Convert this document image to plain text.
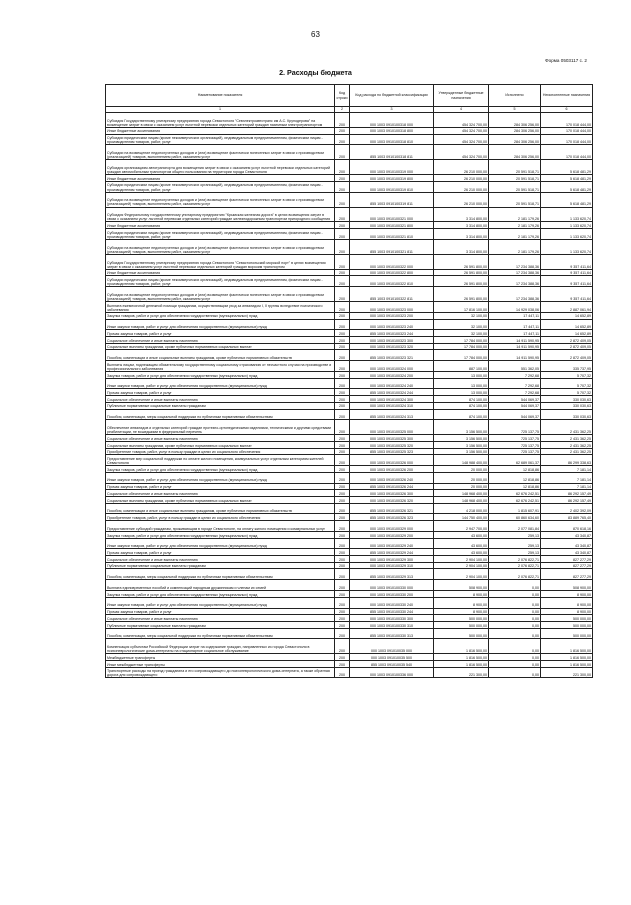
63
Форма 0503117 с. 2
2. Расходы бюджета
Наименование показателя	Код строки	Код расхода по бюджетной классификации	Утвержденные бюджетные назначения	Исполнено	Неисполненные назначения
1	2	3	4	5	6
Субсидия Государственному унитарному предприятию города Севастополя "Севэлектроавтотранс им А.С. Круподерова" на возмещение затрат в связи с оказанием услуг льготной перевозки отдельных категорий граждан наземным электротранспортом	200	000 1003 0910100318 000	454 324 700,00	284 306 256,00	170 018 444,00
Иные бюджетные ассигнования	200	000 1003 0910100318 800	454 324 700,00	284 306 256,00	170 018 444,00
Субсидии юридическим лицам (кроме некоммерческих организаций), индивидуальным предпринимателям, физическим лицам - производителям товаров, работ, услуг	200	000 1003 0910100318 810	454 324 700,00	284 306 256,00	170 018 444,00
Субсидии на возмещение недополученных доходов и (или) возмещение фактически понесенных затрат в связи с производством (реализацией) товаров, выполнением работ, оказанием услуг	200	855 1003 0910100318 811	454 324 700,00	284 306 256,00	170 018 444,00
Субсидия организациям автотранспорта для возмещения затрат в связи с оказанием услуг льготной перевозки отдельных категорий граждан автомобильным транспортом общего пользования на территории города Севастополя	200	000 1003 0910100319 000	26 210 000,00	20 591 518,71	5 618 481,29
Иные бюджетные ассигнования	200	000 1003 0910100319 800	26 210 000,00	20 591 518,71	5 618 481,29
Субсидии юридическим лицам (кроме некоммерческих организаций), индивидуальным предпринимателям, физическим лицам - производителям товаров, работ, услуг	200	000 1003 0910100319 810	26 210 000,00	20 591 518,71	5 618 481,29
Субсидии на возмещение недополученных доходов и (или) возмещение фактически понесенных затрат в связи с производством (реализацией) товаров, выполнением работ, оказанием услуг	200	855 1003 0910100319 811	26 210 000,00	20 591 518,71	5 618 481,29
Субсидия Федеральному государственному унитарному предприятию "Крымская железная дорога" в целях возмещения затрат в связи с оказанием услуг льготной перевозки отдельных категорий граждан железнодорожным транспортом пригородного сообщения	200	000 1003 0910100321 000	3 314 800,00	2 181 179,26	1 133 620,74
Иные бюджетные ассигнования	200	000 1003 0910100321 800	3 314 800,00	2 181 179,26	1 133 620,74
Субсидии юридическим лицам (кроме некоммерческих организаций), индивидуальным предпринимателям, физическим лицам - производителям товаров, работ, услуг	200	000 1003 0910100321 810	3 314 800,00	2 181 179,26	1 133 620,74
Субсидии на возмещение недополученных доходов и (или) возмещение фактически понесенных затрат в связи с производством (реализацией) товаров, выполнением работ, оказанием услуг	200	855 1003 0910100321 811	3 314 800,00	2 181 179,26	1 133 620,74
Субсидия Государственному унитарному предприятию города Севастополя "Севастопольский морской порт" в целях возмещения затрат в связи с оказанием услуг льготной перевозки отдельных категорий граждан морским транспортом	200	000 1003 0910100322 000	26 591 800,00	17 234 388,36	9 357 411,64
Иные бюджетные ассигнования	200	000 1003 0910100322 800	26 591 800,00	17 234 388,36	9 357 411,64
Субсидии юридическим лицам (кроме некоммерческих организаций), индивидуальным предпринимателям, физическим лицам - производителям товаров, работ, услуг	200	000 1003 0910100322 810	26 591 800,00	17 234 388,36	9 357 411,64
Субсидии на возмещение недополученных доходов и (или) возмещение фактически понесенных затрат в связи с производством (реализацией) товаров, выполнением работ, оказанием услуг	200	855 1003 0910100322 811	26 591 800,00	17 234 388,36	9 357 411,64
Выплата ежемесячной денежной помощи гражданам, осуществляющим уход за инвалидом I, II группы вследствие психического заболевания	200	000 1003 0910100323 000	17 816 100,00	14 929 038,06	2 887 061,94
Закупка товаров, работ и услуг для обеспечения государственных (муниципальных) нужд	200	000 1003 0910100323 200	32 100,00	17 447,11	14 652,89
Иные закупки товаров, работ и услуг для обеспечения государственных (муниципальных) нужд	200	000 1003 0910100323 240	32 100,00	17 447,11	14 652,89
Прочая закупка товаров, работ и услуг	200	855 1003 0910100323 244	32 100,00	17 447,11	14 652,89
Социальное обеспечение и иные выплаты населению	200	000 1003 0910100323 300	17 784 000,00	14 911 590,95	2 872 409,05
Социальные выплаты гражданам, кроме публичных нормативных социальных выплат	200	000 1003 0910100323 320	17 784 000,00	14 911 590,95	2 872 409,05
Пособия, компенсации и иные социальные выплаты гражданам, кроме публичных нормативных обязательств	200	855 1003 0910100323 321	17 784 000,00	14 911 590,95	2 872 409,05
Выплаты лицам, подлежащим обязательному государственному социальному страхованию от несчастного случая на производстве и профессионального заболевания	200	000 1003 0910100324 000	887 100,00	551 362,05	335 737,95
Закупка товаров, работ и услуг для обеспечения государственных (муниципальных) нужд	200	000 1003 0910100324 200	13 000,00	7 292,68	5 707,32
Иные закупки товаров, работ и услуг для обеспечения государственных (муниципальных) нужд	200	000 1003 0910100324 240	13 000,00	7 292,68	5 707,32
Прочая закупка товаров, работ и услуг	200	855 1003 0910100324 244	13 000,00	7 292,68	5 707,32
Социальное обеспечение и иные выплаты населению	200	000 1003 0910100324 300	874 100,00	544 069,37	330 030,63
Публичные нормативные социальные выплаты гражданам	200	000 1003 0910100324 310	874 100,00	544 069,37	330 030,63
Пособия, компенсации, меры социальной поддержки по публичным нормативным обязательствам	200	855 1003 0910100324 313	874 100,00	544 069,37	330 030,63
Обеспечение инвалидов и отдельных категорий граждан протезно-ортопедическими изделиями, техническими и другими средствами реабилитации, не вошедшими в федеральный перечень	200	000 1003 0910100325 000	3 156 500,00	725 137,75	2 431 362,25
Социальное обеспечение и иные выплаты населению	200	000 1003 0910100325 300	3 156 500,00	725 137,75	2 431 362,25
Социальные выплаты гражданам, кроме публичных нормативных социальных выплат	200	000 1003 0910100325 320	3 156 500,00	725 137,75	2 431 362,25
Приобретение товаров, работ, услуг в пользу граждан в целях их социального обеспечения	200	855 1003 0910100325 323	3 156 500,00	725 137,75	2 431 362,25
Предоставление мер социальной поддержки по оплате жилого помещения, коммунальных услуг отдельным категориям жителей Севастополя	200	000 1003 0910100326 000	148 988 400,00	62 689 061,37	86 299 338,63
Закупка товаров, работ и услуг для обеспечения государственных (муниципальных) нужд	200	000 1003 0910100326 200	20 000,00	12 818,86	7 181,14
Иные закупки товаров, работ и услуг для обеспечения государственных (муниципальных) нужд	200	000 1003 0910100326 240	20 000,00	12 818,86	7 181,14
Прочая закупка товаров, работ и услуг	200	855 1003 0910100326 244	20 000,00	12 818,86	7 181,14
Социальное обеспечение и иные выплаты населению	200	000 1003 0910100326 300	148 968 400,00	62 676 242,51	86 292 157,49
Социальные выплаты гражданам, кроме публичных нормативных социальных выплат	200	000 1003 0910100326 320	148 968 400,00	62 676 242,51	86 292 157,49
Пособия, компенсации и иные социальные выплаты гражданам, кроме публичных нормативных обязательств	200	855 1003 0910100326 321	4 218 000,00	1 815 607,91	2 402 392,09
Приобретение товаров, работ, услуг в пользу граждан в целях их социального обеспечения	200	855 1003 0910100326 323	144 750 400,00	60 860 634,60	83 889 765,40
Предоставление субсидий гражданам, проживающим в городе Севастополе, на оплату жилого помещения и коммунальных услуг	200	000 1003 0910100329 000	2 947 700,00	2 077 081,84	870 618,16
Закупка товаров, работ и услуг для обеспечения государственных (муниципальных) нужд	200	000 1003 0910100329 200	43 600,00	259,13	43 340,87
Иные закупки товаров, работ и услуг для обеспечения государственных (муниципальных) нужд	200	000 1003 0910100329 240	43 600,00	259,13	43 340,87
Прочая закупка товаров, работ и услуг	200	855 1003 0910100329 244	43 600,00	259,13	43 340,87
Социальное обеспечение и иные выплаты населению	200	000 1003 0910100329 300	2 904 100,00	2 076 822,71	827 277,29
Публичные нормативные социальные выплаты гражданам	200	000 1003 0910100329 310	2 904 100,00	2 076 822,71	827 277,29
Пособия, компенсации, меры социальной поддержки по публичным нормативным обязательствам	200	855 1003 0910100329 313	2 904 100,00	2 076 822,71	827 277,29
Выплата единовременных пособий и компенсаций народным дружинникам и членам их семей	200	000 1003 0910100330 000	508 900,00	0,00	508 900,00
Закупка товаров, работ и услуг для обеспечения государственных (муниципальных) нужд	200	000 1003 0910100330 200	8 900,00	0,00	8 900,00
Иные закупки товаров, работ и услуг для обеспечения государственных (муниципальных) нужд	200	000 1003 0910100330 240	8 900,00	0,00	8 900,00
Прочая закупка товаров, работ и услуг	200	855 1003 0910100330 244	8 900,00	0,00	8 900,00
Социальное обеспечение и иные выплаты населению	200	000 1003 0910100330 300	500 000,00	0,00	500 000,00
Публичные нормативные социальные выплаты гражданам	200	000 1003 0910100330 310	500 000,00	0,00	500 000,00
Пособия, компенсации, меры социальной поддержки по публичным нормативным обязательствам	200	855 1003 0910100330 313	500 000,00	0,00	500 000,00
Компенсация субъектам Российской Федерации затрат на содержание граждан, направленных из города Севастополя в психоневрологические дома-интернаты на стационарное социальное обслуживание	200	000 1003 091010035 000	1 816 500,00	0,00	1 816 500,00
Межбюджетные трансферты	200	000 1003 091010035 500	1 816 500,00	0,00	1 816 500,00
Иные межбюджетные трансферты	200	855 1003 091010035 540	1 816 500,00	0,00	1 816 500,00
Транспортные расходы на проезд гражданина и его сопровождающего до психоневрологического дома-интерната, а также обратная дорога для сопровождающего	200	000 1003 0910100336 000	221 300,00	0,00	221 300,00
